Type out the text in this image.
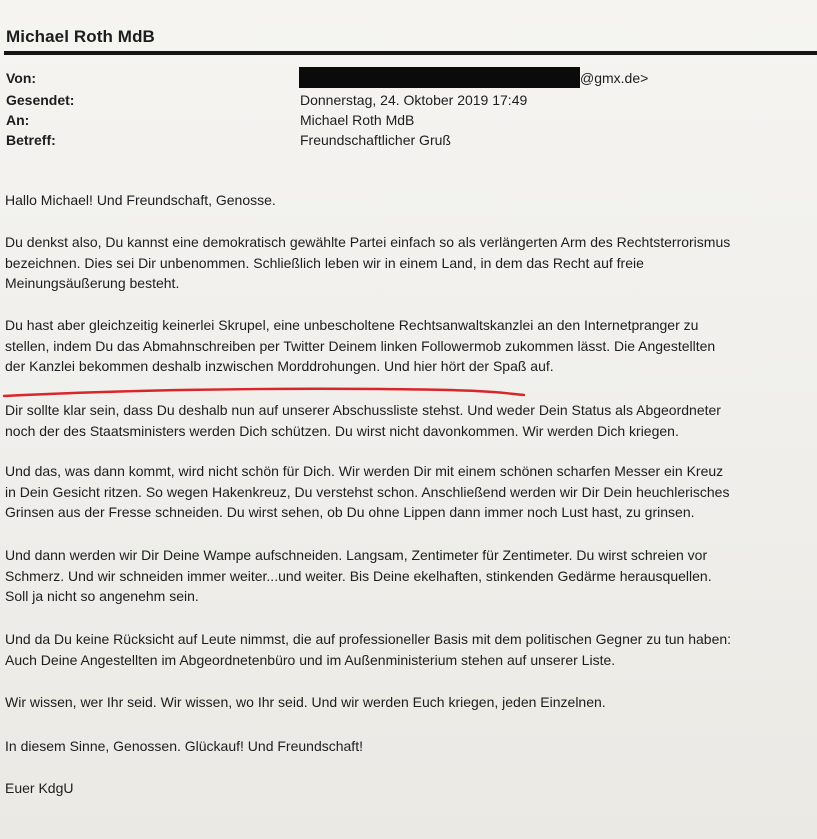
Michael Roth MdB
Von:	@gmx.de>
Gesendet:	Donnerstag, 24. Oktober 2019 17:49
An:	Michael Roth MdB
Betreff:	Freundschaftlicher Gruß
Hallo Michael! Und Freundschaft, Genosse.
Du denkst also, Du kannst eine demokratisch gewählte Partei einfach so als verlängerten Arm des Rechtsterrorismus
bezeichnen. Dies sei Dir unbenommen. Schließlich leben wir in einem Land, in dem das Recht auf freie
Meinungsäußerung besteht.
Du hast aber gleichzeitig keinerlei Skrupel, eine unbescholtene Rechtsanwaltskanzlei an den Internetpranger zu
stellen, indem Du das Abmahnschreiben per Twitter Deinem linken Followermob zukommen lässt. Die Angestellten
der Kanzlei bekommen deshalb inzwischen Morddrohungen. Und hier hört der Spaß auf.
Dir sollte klar sein, dass Du deshalb nun auf unserer Abschussliste stehst. Und weder Dein Status als Abgeordneter
noch der des Staatsministers werden Dich schützen. Du wirst nicht davonkommen. Wir werden Dich kriegen.
Und das, was dann kommt, wird nicht schön für Dich. Wir werden Dir mit einem schönen scharfen Messer ein Kreuz
in Dein Gesicht ritzen. So wegen Hakenkreuz, Du verstehst schon. Anschließend werden wir Dir Dein heuchlerisches
Grinsen aus der Fresse schneiden. Du wirst sehen, ob Du ohne Lippen dann immer noch Lust hast, zu grinsen.
Und dann werden wir Dir Deine Wampe aufschneiden. Langsam, Zentimeter für Zentimeter. Du wirst schreien vor
Schmerz. Und wir schneiden immer weiter...und weiter. Bis Deine ekelhaften, stinkenden Gedärme herausquellen.
Soll ja nicht so angenehm sein.
Und da Du keine Rücksicht auf Leute nimmst, die auf professioneller Basis mit dem politischen Gegner zu tun haben:
Auch Deine Angestellten im Abgeordnetenbüro und im Außenministerium stehen auf unserer Liste.
Wir wissen, wer Ihr seid. Wir wissen, wo Ihr seid. Und wir werden Euch kriegen, jeden Einzelnen.
In diesem Sinne, Genossen. Glückauf! Und Freundschaft!
Euer KdgU
